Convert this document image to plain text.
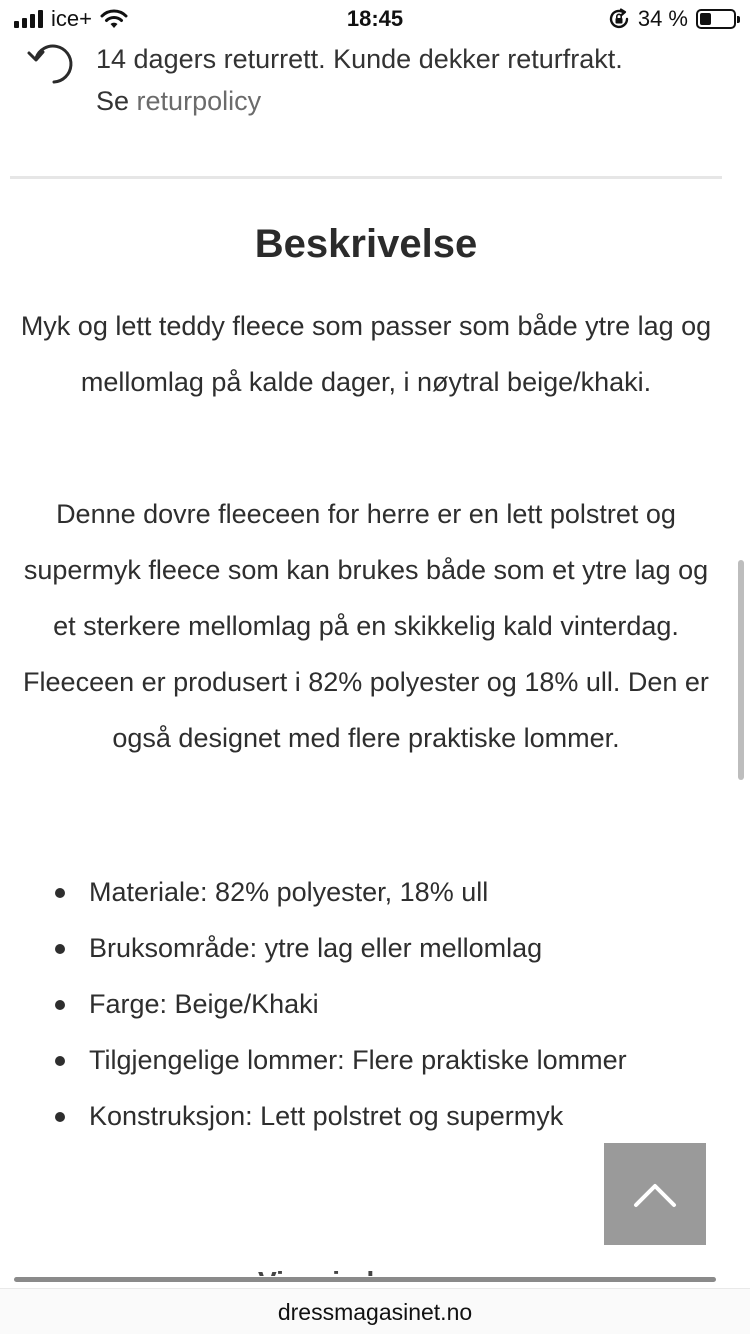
ice+	18:45	34 %
14 dagers returrett. Kunde dekker returfrakt.
Se returpolicy
Beskrivelse

Myk og lett teddy fleece som passer som både ytre lag og mellomlag på kalde dager, i nøytral beige/khaki.

Denne dovre fleeceen for herre er en lett polstret og supermyk fleece som kan brukes både som et ytre lag og et sterkere mellomlag på en skikkelig kald vinterdag. Fleeceen er produsert i 82% polyester og 18% ull. Den er også designet med flere praktiske lommer.

Materiale: 82% polyester, 18% ull
Bruksområde: ytre lag eller mellomlag
Farge: Beige/Khaki
Tilgjengelige lommer: Flere praktiske lommer
Konstruksjon: Lett polstret og supermyk
dressmagasinet.no
